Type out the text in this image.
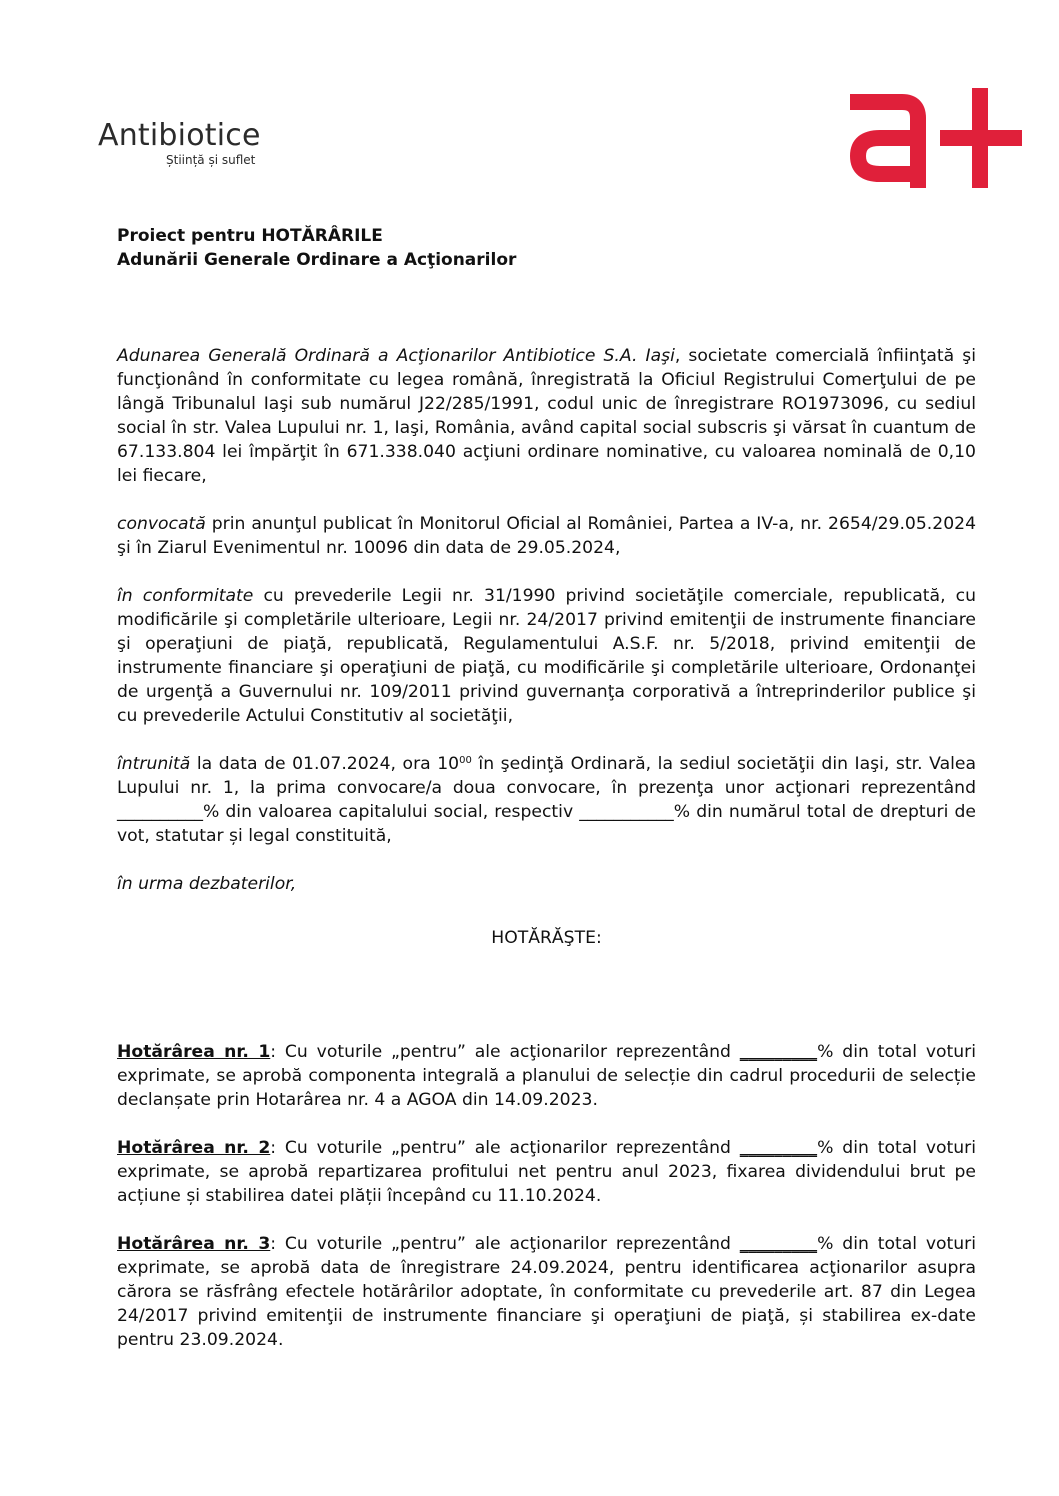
Antibiotice
Știință și suflet
Proiect pentru HOTĂRÂRILE
Adunării Generale Ordinare a Acţionarilor

Adunarea Generală Ordinară a Acţionarilor Antibiotice S.A. Iaşi, societate comercială înfiinţată şi funcţionând în conformitate cu legea română, înregistrată la Oficiul Registrului Comerţului de pe lângă Tribunalul Iaşi sub numărul J22/285/1991, codul unic de înregistrare RO1973096, cu sediul social în str. Valea Lupului nr. 1, Iaşi, România, având capital social subscris şi vărsat în cuantum de 67.133.804 lei împărţit în 671.338.040 acţiuni ordinare nominative, cu valoarea nominală de 0,10 lei fiecare,

convocată prin anunţul publicat în Monitorul Oficial al României, Partea a IV-a, nr. 2654/29.05.2024 şi în Ziarul Evenimentul nr. 10096 din data de 29.05.2024,

în conformitate cu prevederile Legii nr. 31/1990 privind societăţile comerciale, republicată, cu modificările şi completările ulterioare, Legii nr. 24/2017 privind emitenţii de instrumente financiare şi operaţiuni de piaţă, republicată, Regulamentului A.S.F. nr. 5/2018, privind emitenţii de instrumente financiare şi operaţiuni de piaţă, cu modificările şi completările ulterioare, Ordonanţei de urgenţă a Guvernului nr. 109/2011 privind guvernanţa corporativă a întreprinderilor publice şi cu prevederile Actului Constitutiv al societăţii,

întrunită la data de 01.07.2024, ora $10^{00}$ în şedinţă Ordinară, la sediul societăţii din Iaşi, str. Valea Lupului nr. 1, la prima convocare/a doua convocare, în prezenţa unor acţionari reprezentând __________% din valoarea capitalului social, respectiv ___________% din numărul total de drepturi de vot, statutar și legal constituită,

în urma dezbaterilor,

HOTĂRĂŞTE:

Hotărârea nr. 1: Cu voturile „pentru” ale acţionarilor reprezentând _________% din total voturi exprimate, se aprobă componenta integrală a planului de selecție din cadrul procedurii de selecție declanșate prin Hotarârea nr. 4 a AGOA din 14.09.2023.

Hotărârea nr. 2: Cu voturile „pentru” ale acţionarilor reprezentând _________% din total voturi exprimate, se aprobă repartizarea profitului net pentru anul 2023, fixarea dividendului brut pe acțiune și stabilirea datei plății începând cu 11.10.2024.

Hotărârea nr. 3: Cu voturile „pentru” ale acţionarilor reprezentând _________% din total voturi exprimate, se aprobă data de înregistrare 24.09.2024, pentru identificarea acţionarilor asupra cărora se răsfrâng efectele hotărârilor adoptate, în conformitate cu prevederile art. 87 din Legea 24/2017 privind emitenţii de instrumente financiare şi operaţiuni de piaţă, și stabilirea ex-date pentru 23.09.2024.
